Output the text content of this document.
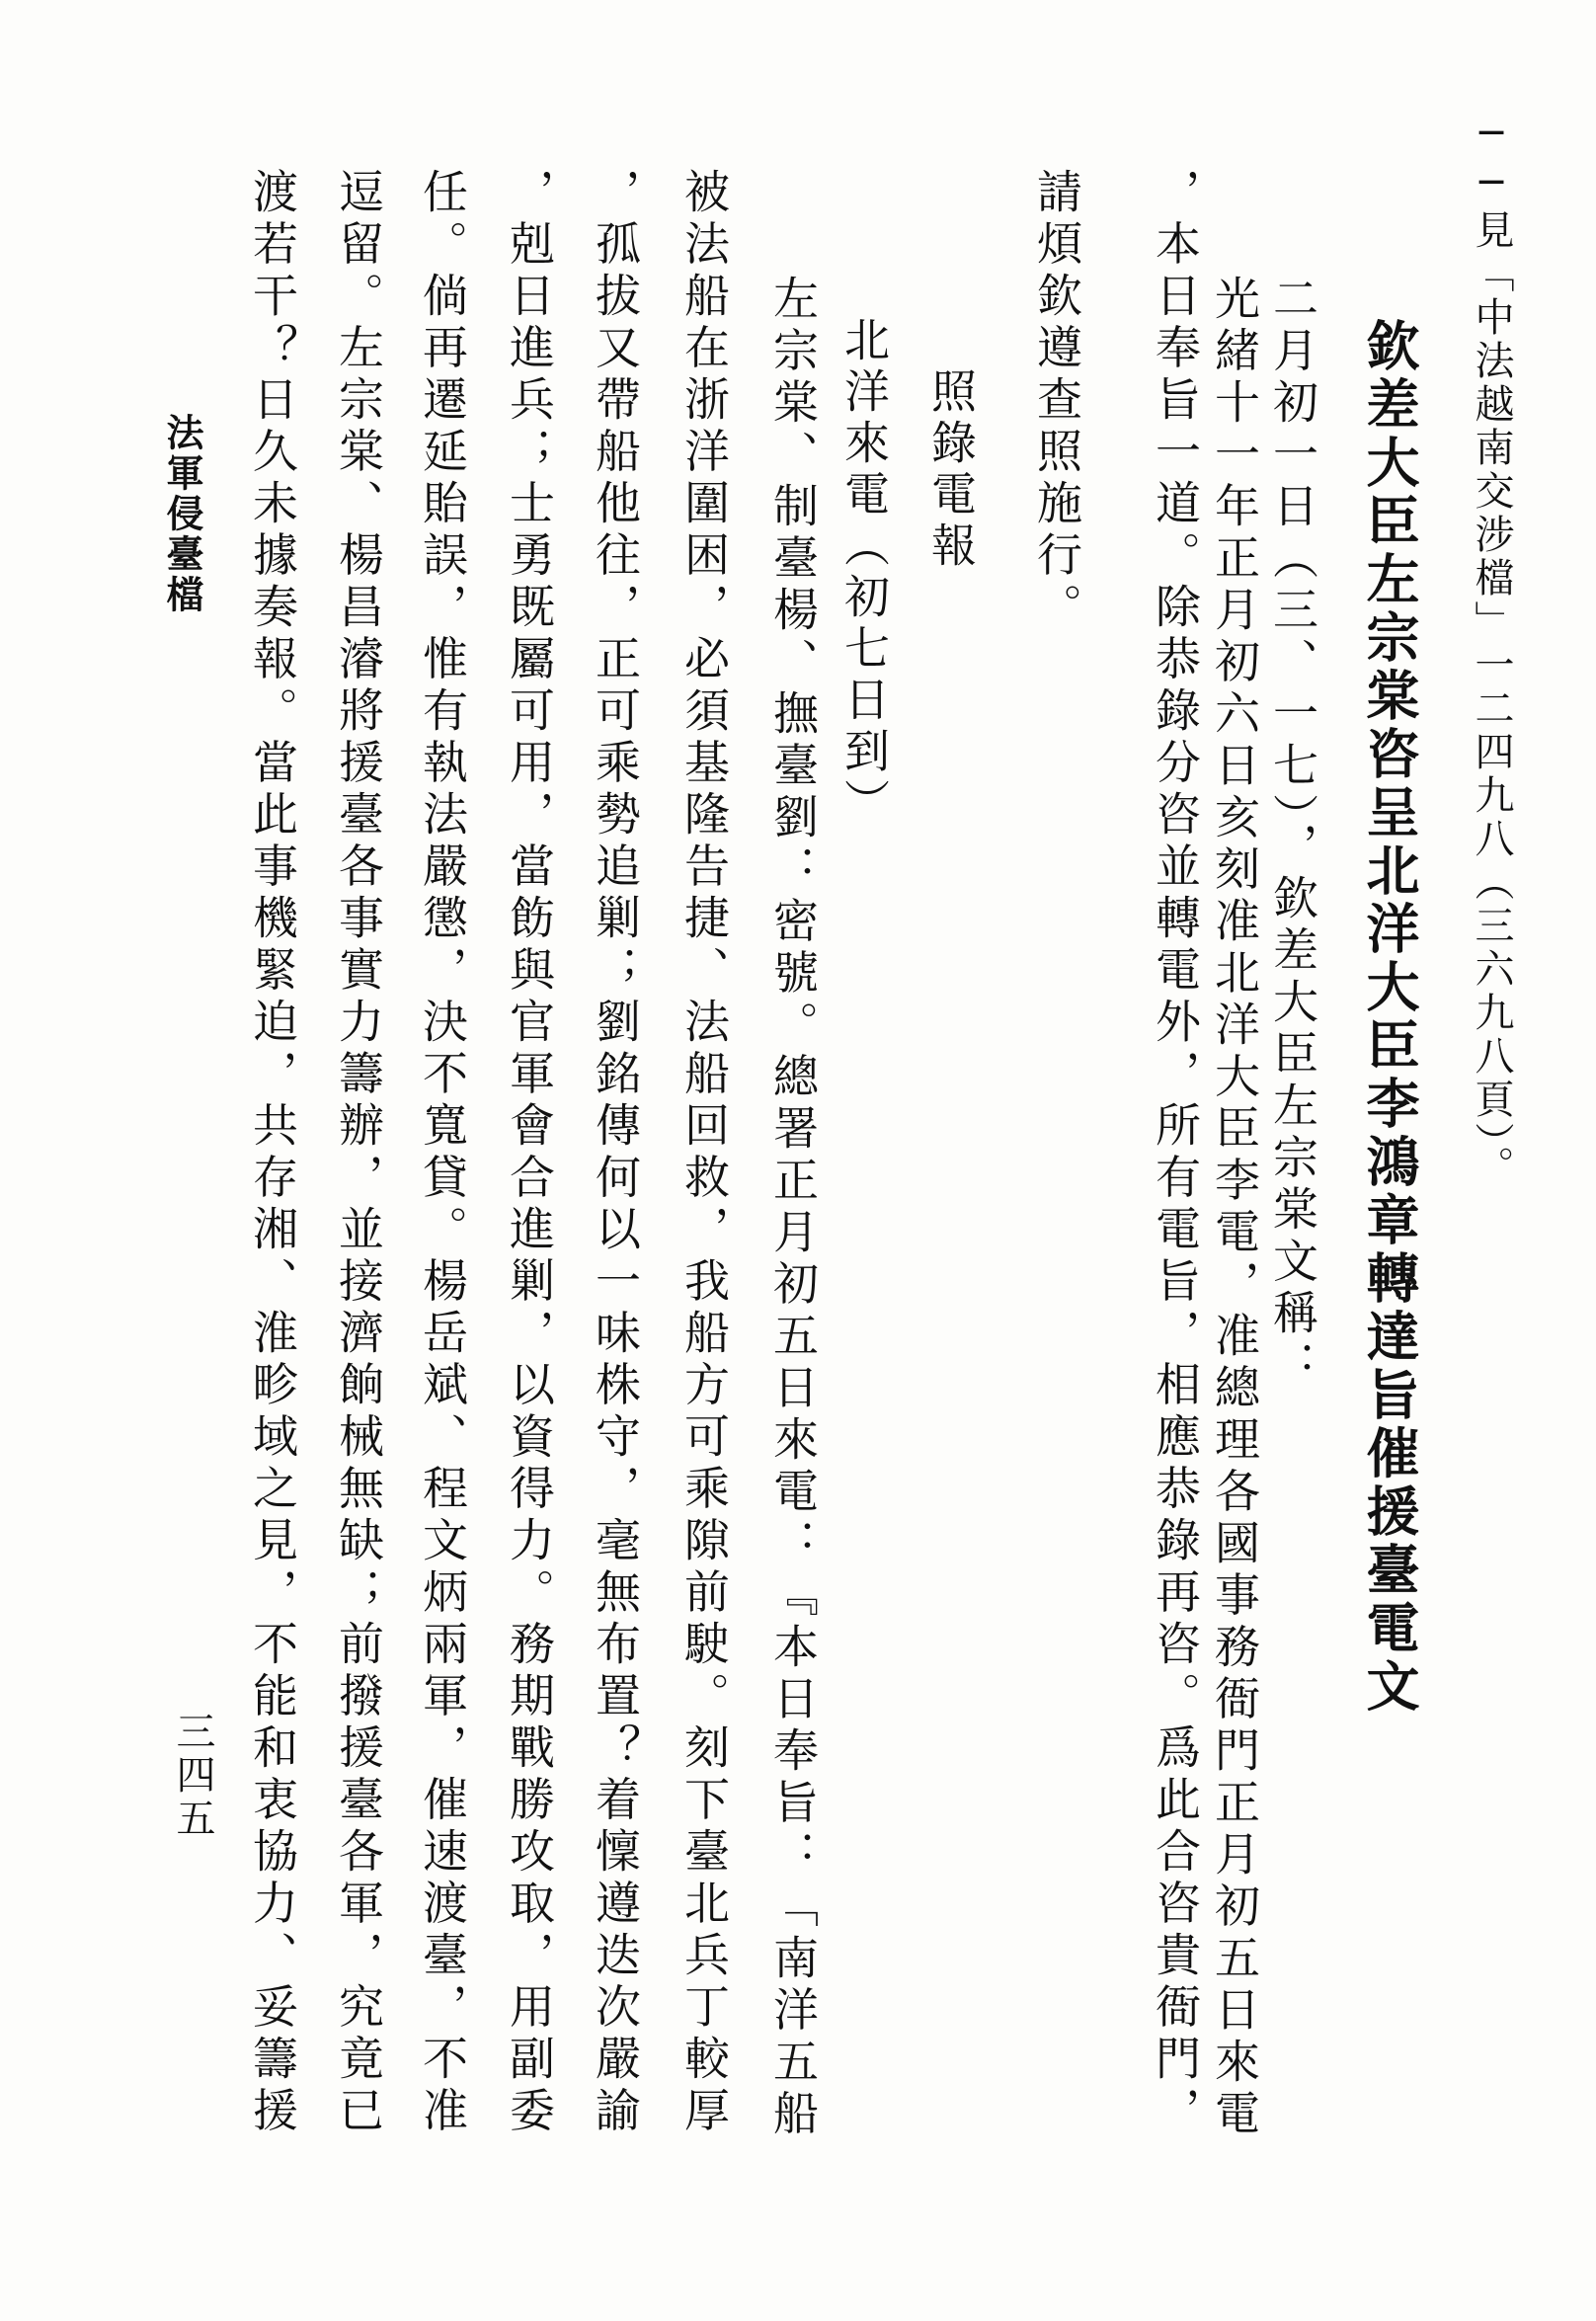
──見「中法越南交涉檔」一二四九八（三六九八頁）。
欽差大臣左宗棠咨呈北洋大臣李鴻章轉達旨催援臺電文
二月初一日（三、一七），欽差大臣左宗棠文稱：
光緒十一年正月初六日亥刻准北洋大臣李電，准總理各國事務衙門正月初五日來電
，本日奉旨一道。除恭錄分咨並轉電外，所有電旨，相應恭錄再咨。爲此合咨貴衙門，
請煩欽遵查照施行。
照錄電報
北洋來電（初七日到）
左宗棠、制臺楊、撫臺劉：密號。總署正月初五日來電：『本日奉旨：「南洋五船
被法船在浙洋圍困，必須基隆告捷、法船回救，我船方可乘隙前駛。刻下臺北兵丁較厚
，孤拔又帶船他往，正可乘勢追剿；劉銘傳何以一味株守，毫無布置？着懍遵迭次嚴諭
，剋日進兵；士勇既屬可用，當飭與官軍會合進剿，以資得力。務期戰勝攻取，用副委
任。倘再遷延貽誤，惟有執法嚴懲，決不寬貸。楊岳斌、程文炳兩軍，催速渡臺，不准
逗留。左宗棠、楊昌濬將援臺各事實力籌辦，並接濟餉械無缺；前撥援臺各軍，究竟已
渡若干？日久未據奏報。當此事機緊迫，共存湘、淮畛域之見，不能和衷協力、妥籌援
三四五
法軍侵臺檔
